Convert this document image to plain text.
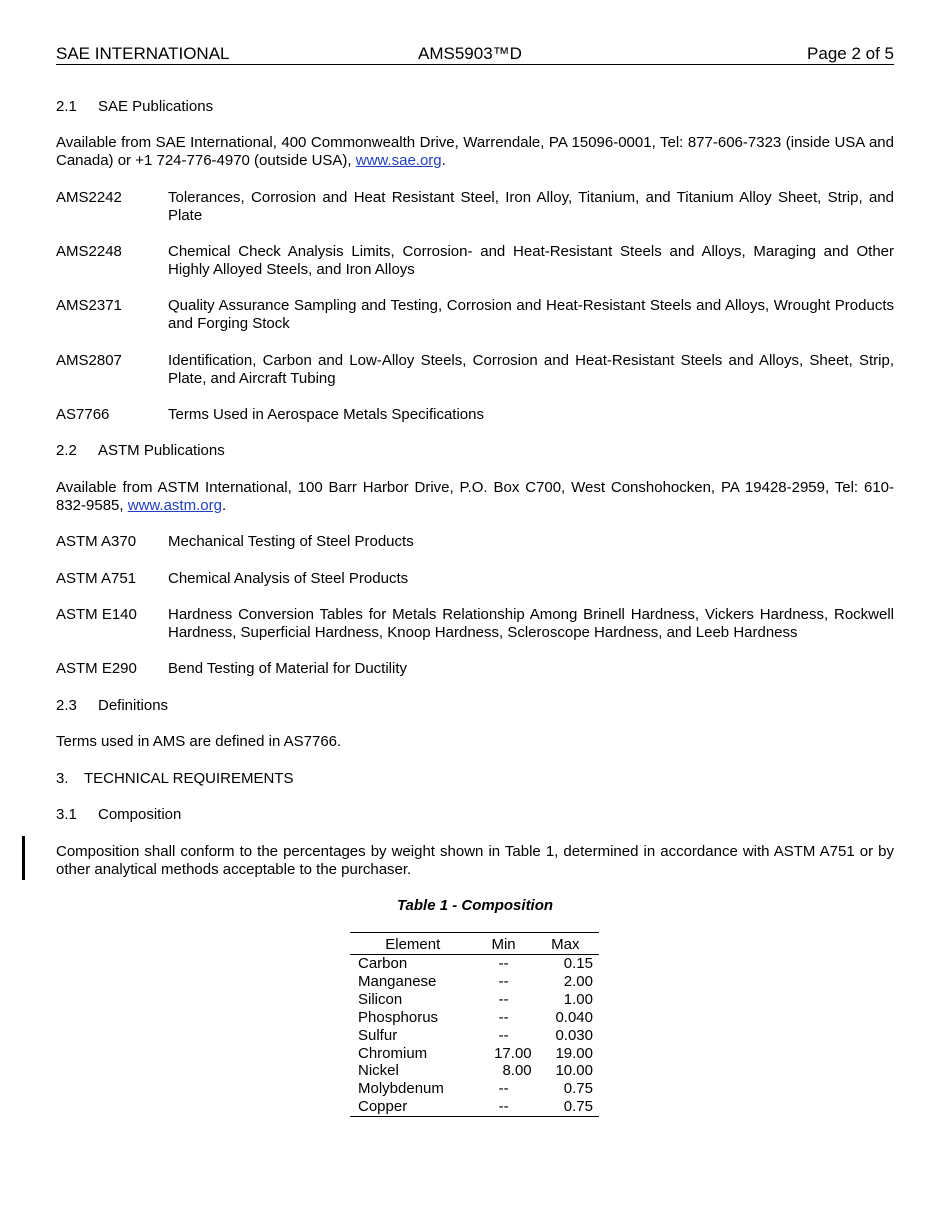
SAE INTERNATIONAL	AMS5903™D	Page 2 of 5
2.1 SAE Publications
Available from SAE International, 400 Commonwealth Drive, Warrendale, PA 15096-0001, Tel: 877-606-7323 (inside USA and Canada) or +1 724-776-4970 (outside USA), www.sae.org.
AMS2242	Tolerances, Corrosion and Heat Resistant Steel, Iron Alloy, Titanium, and Titanium Alloy Sheet, Strip, and Plate
AMS2248	Chemical Check Analysis Limits, Corrosion- and Heat-Resistant Steels and Alloys, Maraging and Other Highly Alloyed Steels, and Iron Alloys
AMS2371	Quality Assurance Sampling and Testing, Corrosion and Heat-Resistant Steels and Alloys, Wrought Products and Forging Stock
AMS2807	Identification, Carbon and Low-Alloy Steels, Corrosion and Heat-Resistant Steels and Alloys, Sheet, Strip, Plate, and Aircraft Tubing
AS7766	Terms Used in Aerospace Metals Specifications
2.2 ASTM Publications
Available from ASTM International, 100 Barr Harbor Drive, P.O. Box C700, West Conshohocken, PA 19428-2959, Tel: 610-832-9585, www.astm.org.
ASTM A370	Mechanical Testing of Steel Products
ASTM A751	Chemical Analysis of Steel Products
ASTM E140	Hardness Conversion Tables for Metals Relationship Among Brinell Hardness, Vickers Hardness, Rockwell Hardness, Superficial Hardness, Knoop Hardness, Scleroscope Hardness, and Leeb Hardness
ASTM E290	Bend Testing of Material for Ductility
2.3 Definitions
Terms used in AMS are defined in AS7766.
3. TECHNICAL REQUIREMENTS
3.1 Composition
Composition shall conform to the percentages by weight shown in Table 1, determined in accordance with ASTM A751 or by other analytical methods acceptable to the purchaser.
Table 1 - Composition
Element	Min	Max
Carbon	--	0.15
Manganese	--	2.00
Silicon	--	1.00
Phosphorus	--	0.040
Sulfur	--	0.030
Chromium	17.00	19.00
Nickel	8.00	10.00
Molybdenum	--	0.75
Copper	--	0.75
